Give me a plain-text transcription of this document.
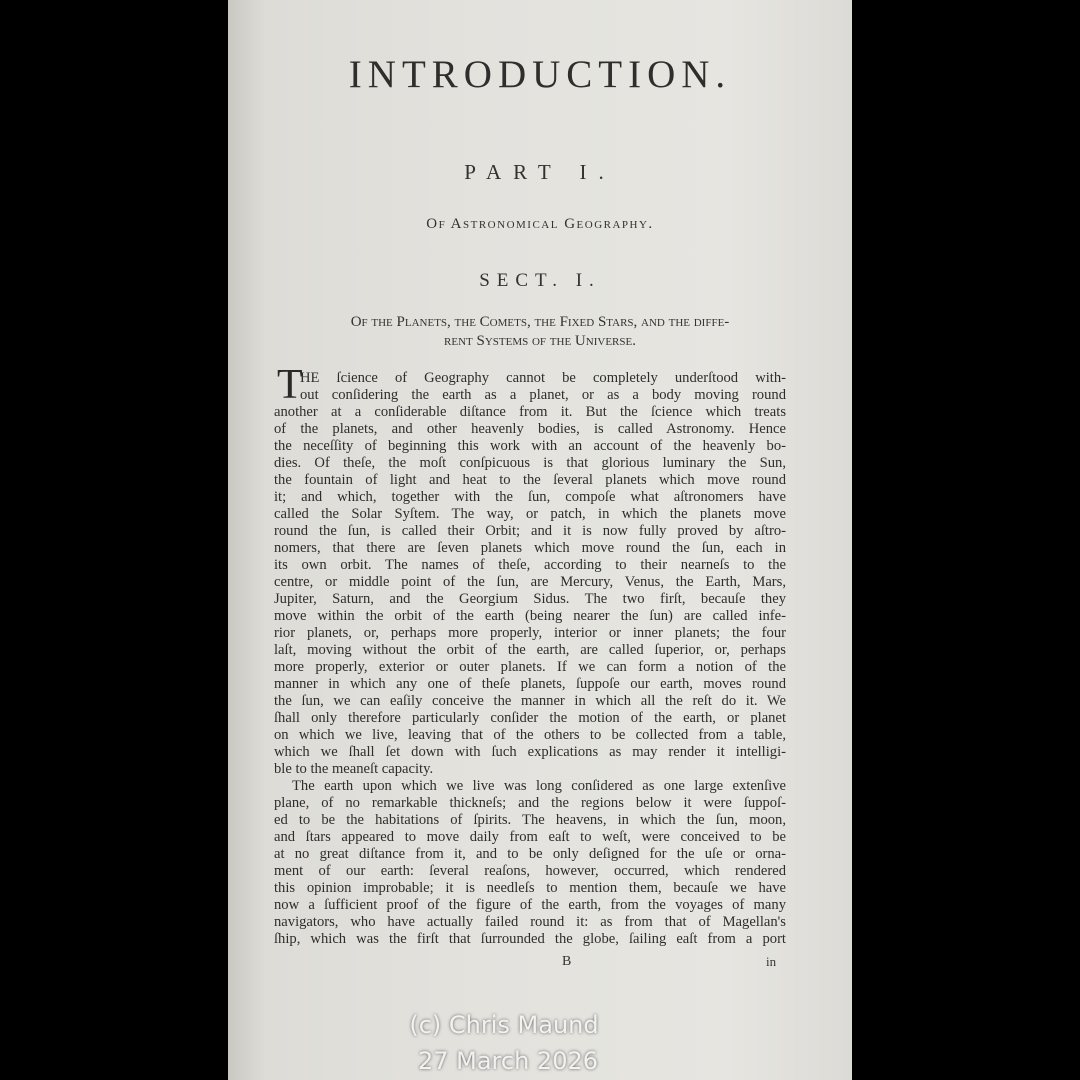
INTRODUCTION.
PART I.
Of Astronomical Geography.
SECT. I.
Of the Planets, the Comets, the Fixed Stars, and the diffe-
rent Systems of the Universe.
T
HE ſcience of Geography cannot be completely underſtood with-
out conſidering the earth as a planet, or as a body moving round
another at a conſiderable diſtance from it. But the ſcience which treats
of the planets, and other heavenly bodies, is called Astronomy. Hence
the neceſſity of beginning this work with an account of the heavenly bo-
dies. Of theſe, the moſt conſpicuous is that glorious luminary the Sun,
the fountain of light and heat to the ſeveral planets which move round
it; and which, together with the ſun, compoſe what aſtronomers have
called the Solar Syſtem. The way, or patch, in which the planets move
round the ſun, is called their Orbit; and it is now fully proved by aſtro-
nomers, that there are ſeven planets which move round the ſun, each in
its own orbit. The names of theſe, according to their nearneſs to the
centre, or middle point of the ſun, are Mercury, Venus, the Earth, Mars,
Jupiter, Saturn, and the Georgium Sidus. The two firſt, becauſe they
move within the orbit of the earth (being nearer the ſun) are called infe-
rior planets, or, perhaps more properly, interior or inner planets; the four
laſt, moving without the orbit of the earth, are called ſuperior, or, perhaps
more properly, exterior or outer planets. If we can form a notion of the
manner in which any one of theſe planets, ſuppoſe our earth, moves round
the ſun, we can eaſily conceive the manner in which all the reſt do it. We
ſhall only therefore particularly conſider the motion of the earth, or planet
on which we live, leaving that of the others to be collected from a table,
which we ſhall ſet down with ſuch explications as may render it intelligi-
ble to the meaneſt capacity.
The earth upon which we live was long conſidered as one large extenſive
plane, of no remarkable thickneſs; and the regions below it were ſuppoſ-
ed to be the habitations of ſpirits. The heavens, in which the ſun, moon,
and ſtars appeared to move daily from eaſt to weſt, were conceived to be
at no great diſtance from it, and to be only deſigned for the uſe or orna-
ment of our earth: ſeveral reaſons, however, occurred, which rendered
this opinion improbable; it is needleſs to mention them, becauſe we have
now a ſufficient proof of the figure of the earth, from the voyages of many
navigators, who have actually failed round it: as from that of Magellan's
ſhip, which was the firſt that ſurrounded the globe, ſailing eaſt from a port
B	in
(c) Chris Maund
27 March 2026
